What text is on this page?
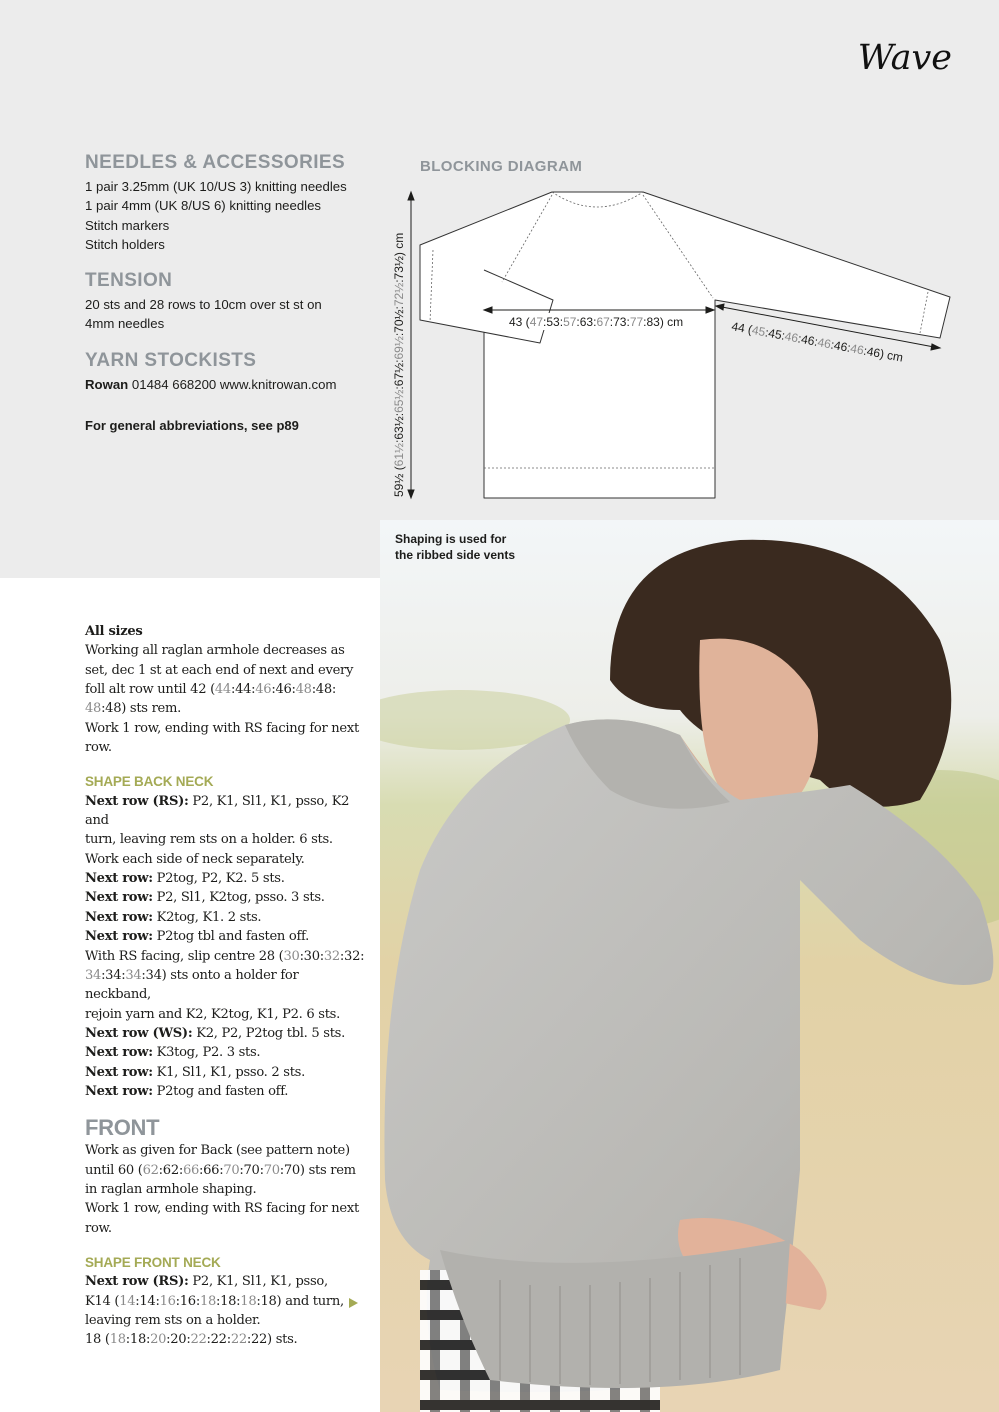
Wave
NEEDLES & ACCESSORIES
1 pair 3.25mm (UK 10/US 3) knitting needles
1 pair 4mm (UK 8/US 6) knitting needles
Stitch markers
Stitch holders
TENSION
20 sts and 28 rows to 10cm over st st on
4mm needles
YARN STOCKISTS
Rowan 01484 668200 www.knitrowan.com
For general abbreviations, see p89
BLOCKING DIAGRAM
43 (47:53:57:63:67:73:77:83) cm	44 (45:45:46:46:46:46:46:46) cm
59½ (61½:63½:65½:67½:69½:70½:72½:73½) cm
Shaping is used for
the ribbed side vents
All sizes
Working all raglan armhole decreases as
set, dec 1 st at each end of next and every
foll alt row until 42 (44:44:46:46:48:48:
48:48) sts rem.
Work 1 row, ending with RS facing for next
row.
SHAPE BACK NECK
Next row (RS): P2, K1, Sl1, K1, psso, K2 and
turn, leaving rem sts on a holder. 6 sts.
Work each side of neck separately.
Next row: P2tog, P2, K2. 5 sts.
Next row: P2, Sl1, K2tog, psso. 3 sts.
Next row: K2tog, K1. 2 sts.
Next row: P2tog tbl and fasten off.
With RS facing, slip centre 28 (30:30:32:32:
34:34:34:34) sts onto a holder for neckband,
rejoin yarn and K2, K2tog, K1, P2. 6 sts.
Next row (WS): K2, P2, P2tog tbl. 5 sts.
Next row: K3tog, P2. 3 sts.
Next row: K1, Sl1, K1, psso. 2 sts.
Next row: P2tog and fasten off.
FRONT
Work as given for Back (see pattern note)
until 60 (62:62:66:66:70:70:70:70) sts rem
in raglan armhole shaping.
Work 1 row, ending with RS facing for next
row.
SHAPE FRONT NECK
Next row (RS): P2, K1, Sl1, K1, psso,
K14 (14:14:16:16:18:18:18:18) and turn,
leaving rem sts on a holder.
18 (18:18:20:20:22:22:22:22) sts.
